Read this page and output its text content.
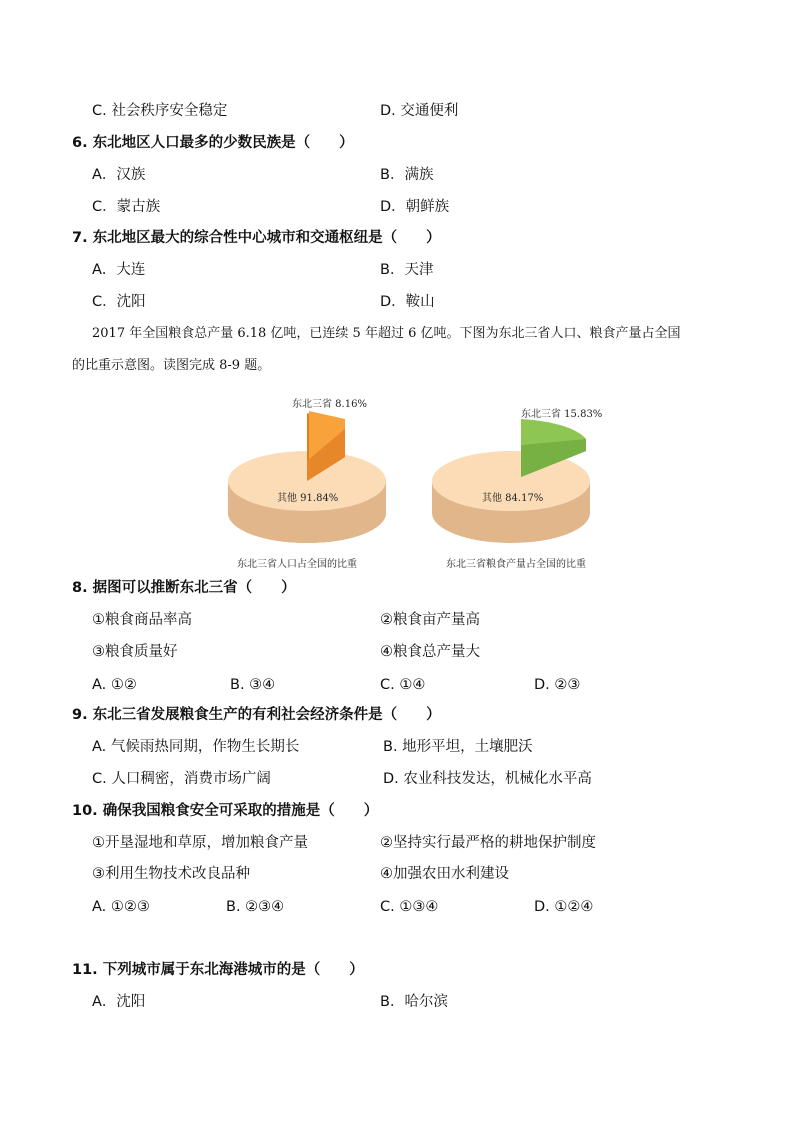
C. 社会秩序安全稳定	D. 交通便利
6. 东北地区人口最多的少数民族是（　　）
A．汉族	B．满族
C．蒙古族	D．朝鲜族
7. 东北地区最大的综合性中心城市和交通枢纽是（　　）
A．大连	B．天津
C．沈阳	D．鞍山
2017 年全国粮食总产量 6.18 亿吨，已连续 5 年超过 6 亿吨。下图为东北三省人口、粮食产量占全国
的比重示意图。读图完成 8-9 题。
东北三省 8.16%
其他 91.84%
东北三省人口占全国的比重
东北三省 15.83%
其他 84.17%
东北三省粮食产量占全国的比重
8. 据图可以推断东北三省（　　）
①粮食商品率高	②粮食亩产量高
③粮食质量好	④粮食总产量大
A. ①②	B. ③④	C. ①④	D. ②③
9. 东北三省发展粮食生产的有利社会经济条件是（　　）
A. 气候雨热同期，作物生长期长	B. 地形平坦，土壤肥沃
C. 人口稠密，消费市场广阔	D. 农业科技发达，机械化水平高
10. 确保我国粮食安全可采取的措施是（　　）
①开垦湿地和草原，增加粮食产量	②坚持实行最严格的耕地保护制度
③利用生物技术改良品种	④加强农田水利建设
A. ①②③	B. ②③④	C. ①③④	D. ①②④
11. 下列城市属于东北海港城市的是（　　）
A．沈阳	B．哈尔滨
